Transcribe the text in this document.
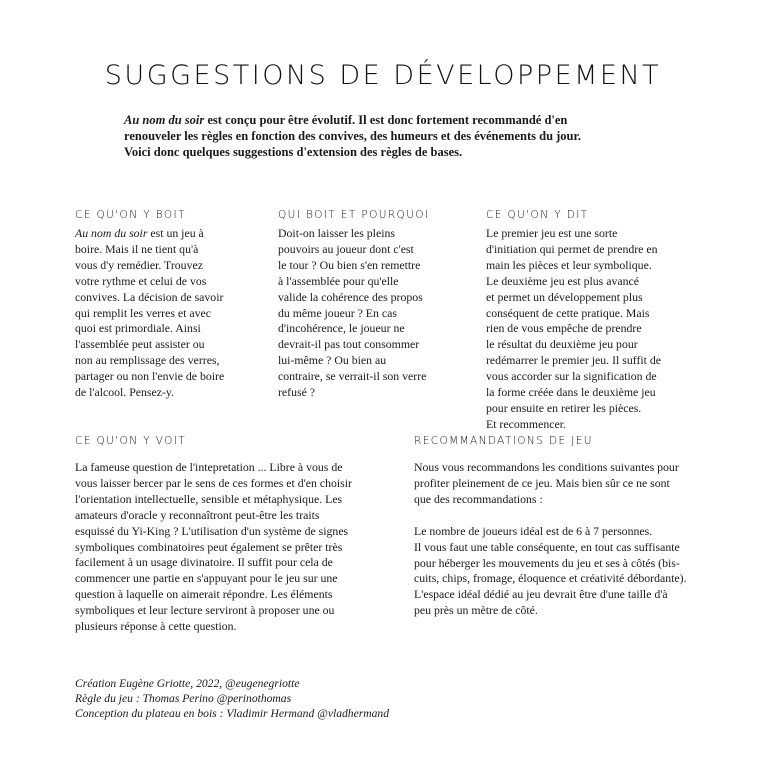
SUGGESTIONS DE DÉVELOPPEMENT
Au nom du soir est conçu pour être évolutif. Il est donc fortement recommandé d'en
renouveler les règles en fonction des convives, des humeurs et des événements du jour.
Voici donc quelques suggestions d'extension des règles de bases.
CE QU'ON Y BOIT
Au nom du soir est un jeu à
boire. Mais il ne tient qu'à
vous d'y remédier. Trouvez
votre rythme et celui de vos
convives. La décision de savoir
qui remplit les verres et avec
quoi est primordiale. Ainsi
l'assemblée peut assister ou
non au remplissage des verres,
partager ou non l'envie de boire
de l'alcool. Pensez-y.
QUI BOIT ET POURQUOI
Doit-on laisser les pleins
pouvoirs au joueur dont c'est
le tour ? Ou bien s'en remettre
à l'assemblée pour qu'elle
valide la cohérence des propos
du même joueur ? En cas
d'incohérence, le joueur ne
devrait-il pas tout consommer
lui-même ? Ou bien au
contraire, se verrait-il son verre
refusé ?
CE QU'ON Y DIT
Le premier jeu est une sorte
d'initiation qui permet de prendre en
main les pièces et leur symbolique.
Le deuxième jeu est plus avancé
et permet un développement plus
conséquent de cette pratique. Mais
rien de vous empêche de prendre
le résultat du deuxième jeu pour
redémarrer le premier jeu. Il suffit de
vous accorder sur la signification de
la forme créée dans le deuxième jeu
pour ensuite en retirer les pièces.
Et recommencer.
CE QU'ON Y VOIT
La fameuse question de l'intepretation ... Libre à vous de
vous laisser bercer par le sens de ces formes et d'en choisir
l'orientation intellectuelle, sensible et métaphysique. Les
amateurs d'oracle y reconnaîtront peut-être les traits
esquissé du Yi-King ? L'utilisation d'un système de signes
symboliques combinatoires peut également se prêter très
facilement à un usage divinatoire. Il suffit pour cela de
commencer une partie en s'appuyant pour le jeu sur une
question à laquelle on aimerait répondre. Les éléments
symboliques et leur lecture serviront à proposer une ou
plusieurs réponse à cette question.
RECOMMANDATIONS DE JEU
Nous vous recommandons les conditions suivantes pour
profiter pleinement de ce jeu. Mais bien sûr ce ne sont
que des recommandations :
Le nombre de joueurs idéal est de 6 à 7 personnes.
Il vous faut une table conséquente, en tout cas suffisante
pour héberger les mouvements du jeu et ses à côtés (bis-
cuits, chips, fromage, éloquence et créativité débordante).
L'espace idéal dédié au jeu devrait être d'une taille d'à
peu près un mètre de côté.
Création Eugène Griotte, 2022, @eugenegriotte
Règle du jeu : Thomas Perino @perinothomas
Conception du plateau en bois : Vladimir Hermand @vladhermand
